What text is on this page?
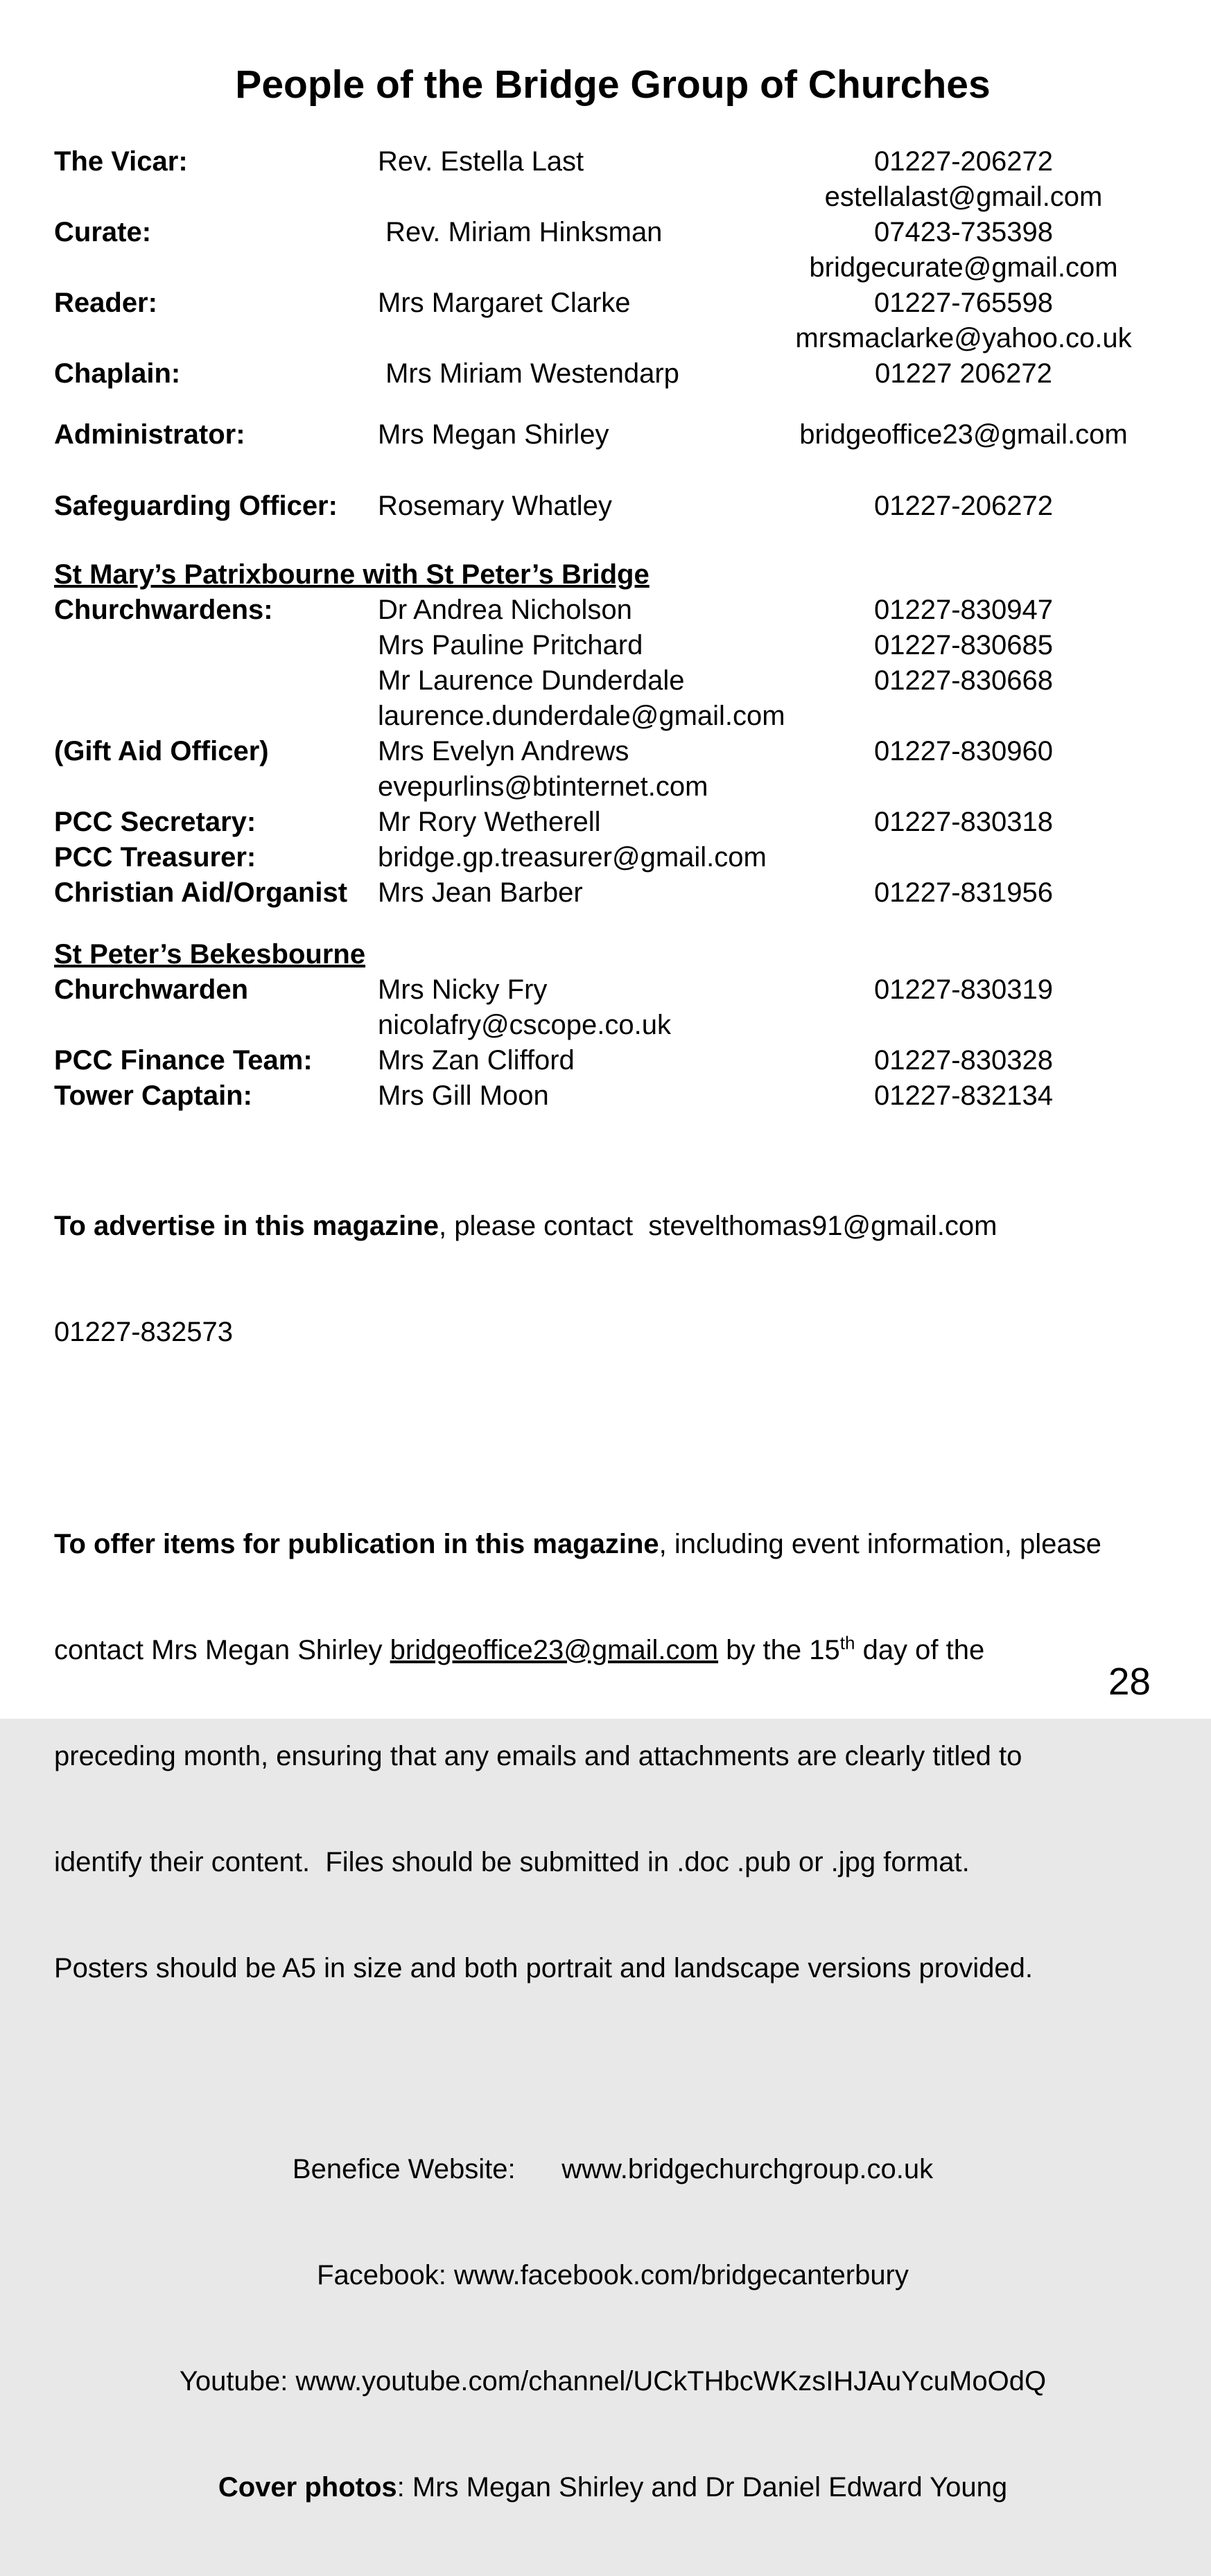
People of the Bridge Group of Churches
The Vicar:	Rev. Estella Last	01227-206272
estellalast@gmail.com
Curate:	Rev. Miriam Hinksman	07423-735398
bridgecurate@gmail.com
Reader:	Mrs Margaret Clarke	01227-765598
mrsmaclarke@yahoo.co.uk
Chaplain:	Mrs Miriam Westendarp	01227 206272
Administrator:	Mrs Megan Shirley	bridgeoffice23@gmail.com
Safeguarding Officer:	Rosemary Whatley	01227-206272
St Mary’s Patrixbourne with St Peter’s Bridge
Churchwardens:	Dr Andrea Nicholson	01227-830947
Mrs Pauline Pritchard	01227-830685
Mr Laurence Dunderdale	01227-830668
laurence.dunderdale@gmail.com
(Gift Aid Officer)	Mrs Evelyn Andrews	01227-830960
evepurlins@btinternet.com
PCC Secretary:	Mr Rory Wetherell	01227-830318
PCC Treasurer:	bridge.gp.treasurer@gmail.com
Christian Aid/Organist	Mrs Jean Barber	01227-831956
St Peter’s Bekesbourne
Churchwarden	Mrs Nicky Fry	01227-830319
nicolafry@cscope.co.uk
PCC Finance Team:	Mrs Zan Clifford	01227-830328
Tower Captain:	Mrs Gill Moon	01227-832134

To advertise in this magazine, please contact  stevelthomas91@gmail.com

01227-832573

To offer items for publication in this magazine, including event information, please

contact Mrs Megan Shirley bridgeoffice23@gmail.com by the 15th day of the

preceding month, ensuring that any emails and attachments are clearly titled to

identify their content.  Files should be submitted in .doc .pub or .jpg format.

Posters should be A5 in size and both portrait and landscape versions provided.

Benefice Website:      www.bridgechurchgroup.co.uk

Facebook: www.facebook.com/bridgecanterbury

Youtube: www.youtube.com/channel/UCkTHbcWKzsIHJAuYcuMoOdQ

Cover photos: Mrs Megan Shirley and Dr Daniel Edward Young

28
